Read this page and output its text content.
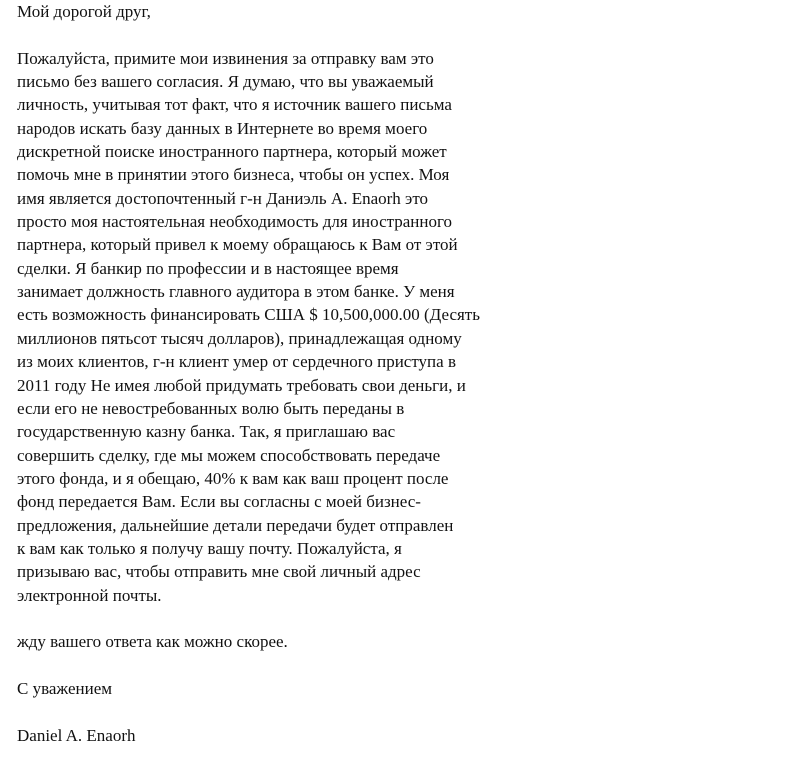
Мой дорогой друг,
Пожалуйста, примите мои извинения за отправку вам это
письмо без вашего согласия. Я думаю, что вы уважаемый
личность, учитывая тот факт, что я источник вашего письма
народов искать базу данных в Интернете во время моего
дискретной поиске иностранного партнера, который может
помочь мне в принятии этого бизнеса, чтобы он успех. Моя
имя является достопочтенный г-н Даниэль А. Enaorh это
просто моя настоятельная необходимость для иностранного
партнера, который привел к моему обращаюсь к Вам от этой
сделки. Я банкир по профессии и в настоящее время
занимает должность главного аудитора в этом банке. У меня
есть возможность финансировать США $ 10,500,000.00 (Десять
миллионов пятьсот тысяч долларов), принадлежащая одному
из моих клиентов, г-н клиент умер от сердечного приступа в
2011 году Не имея любой придумать требовать свои деньги, и
если его не невостребованных волю быть переданы в
государственную казну банка. Так, я приглашаю вас
совершить сделку, где мы можем способствовать передаче
этого фонда, и я обещаю, 40% к вам как ваш процент после
фонд передается Вам. Если вы согласны с моей бизнес-
предложения, дальнейшие детали передачи будет отправлен
к вам как только я получу вашу почту. Пожалуйста, я
призываю вас, чтобы отправить мне свой личный адрес
электронной почты.
жду вашего ответа как можно скорее.
С уважением
Daniel A. Enaorh
